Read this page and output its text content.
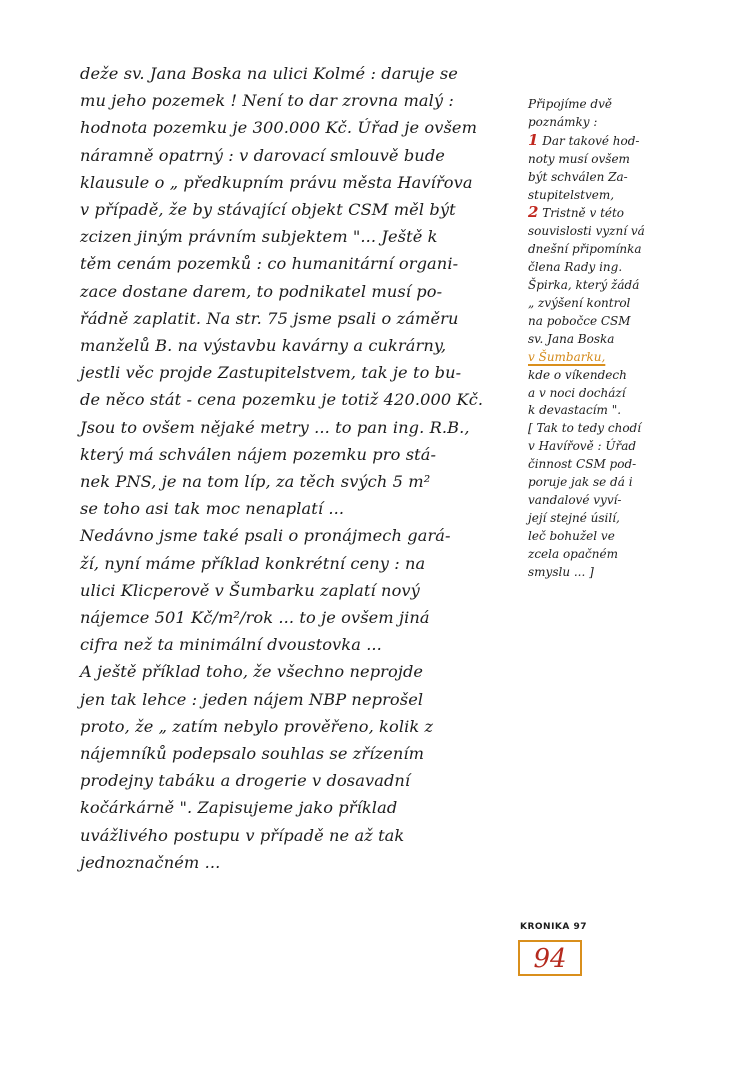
deže sv. Jana Boska na ulici Kolmé : daruje se
mu jeho pozemek ! Není to dar zrovna malý :
hodnota pozemku je 300.000 Kč. Úřad je ovšem
náramně opatrný : v darovací smlouvě bude
klausule o „ předkupním právu města Havířova
v případě, že by stávající objekt CSM měl být
zcizen jiným právním subjektem "... Ještě k
těm cenám pozemků : co humanitární organi-
zace dostane darem, to podnikatel musí po-
řádně zaplatit. Na str. 75 jsme psali o záměru
manželů B. na výstavbu kavárny a cukrárny,
jestli věc projde Zastupitelstvem, tak je to bu-
de něco stát - cena pozemku je totiž 420.000 Kč.
Jsou to ovšem nějaké metry ... to pan ing. R.B.,
který má schválen nájem pozemku pro stá-
nek PNS, je na tom líp, za těch svých 5 m²
se toho asi tak moc nenaplatí ...
Nedávno jsme také psali o pronájmech gará-
ží, nyní máme příklad konkrétní ceny : na
ulici Klicperově v Šumbarku zaplatí nový
nájemce 501 Kč/m²/rok ... to je ovšem jiná
cifra než ta minimální dvoustovka ...
A ještě příklad toho, že všechno neprojde
jen tak lehce : jeden nájem NBP neprošel
proto, že „ zatím nebylo prověřeno, kolik z
nájemníků podepsalo souhlas se zřízením
prodejny tabáku a drogerie v dosavadní
kočárkárně ". Zapisujeme jako příklad
uvážlivého postupu v případě ne až tak
jednoznačném ...
Připojíme dvě
poznámky :
1 Dar takové hod-
noty musí ovšem
být schválen Za-
stupitelstvem,
2 Tristně v této
souvislosti vyzní vá
dnešní připomínka
člena Rady ing.
Špirka, který žádá
„ zvýšení kontrol
na pobočce CSM
sv. Jana Boska
v Šumbarku,
kde o víkendech
a v noci dochází
k devastacím ".
[ Tak to tedy chodí
v Havířově : Úřad
činnost CSM pod-
poruje jak se dá i
vandalové vyví-
její stejné úsilí,
leč bohužel ve
zcela opačném
smyslu ... ]
KRONIKA 97
94
